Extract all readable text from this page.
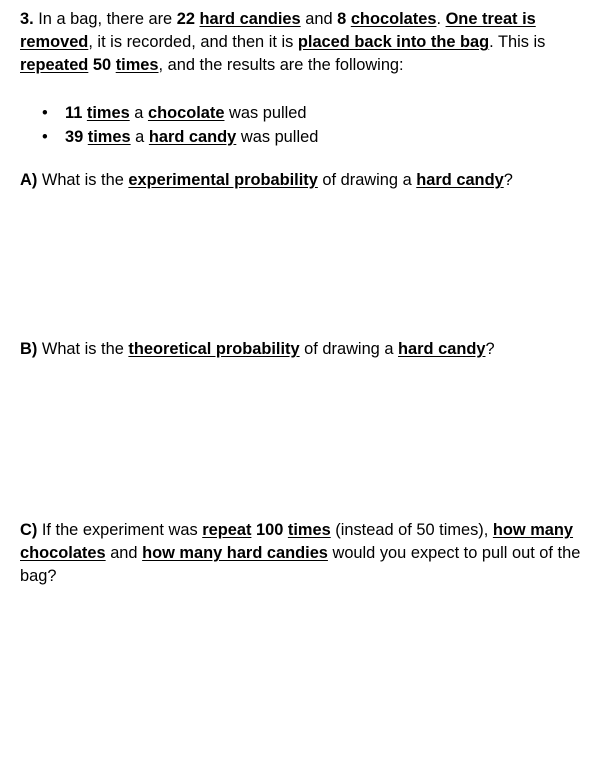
3. In a bag, there are 22 hard candies and 8 chocolates. One treat is removed, it is recorded, and then it is placed back into the bag. This is repeated 50 times, and the results are the following:
• 11 times a chocolate was pulled
• 39 times a hard candy was pulled
A) What is the experimental probability of drawing a hard candy?
B) What is the theoretical probability of drawing a hard candy?
C) If the experiment was repeat 100 times (instead of 50 times), how many chocolates and how many hard candies would you expect to pull out of the bag?
